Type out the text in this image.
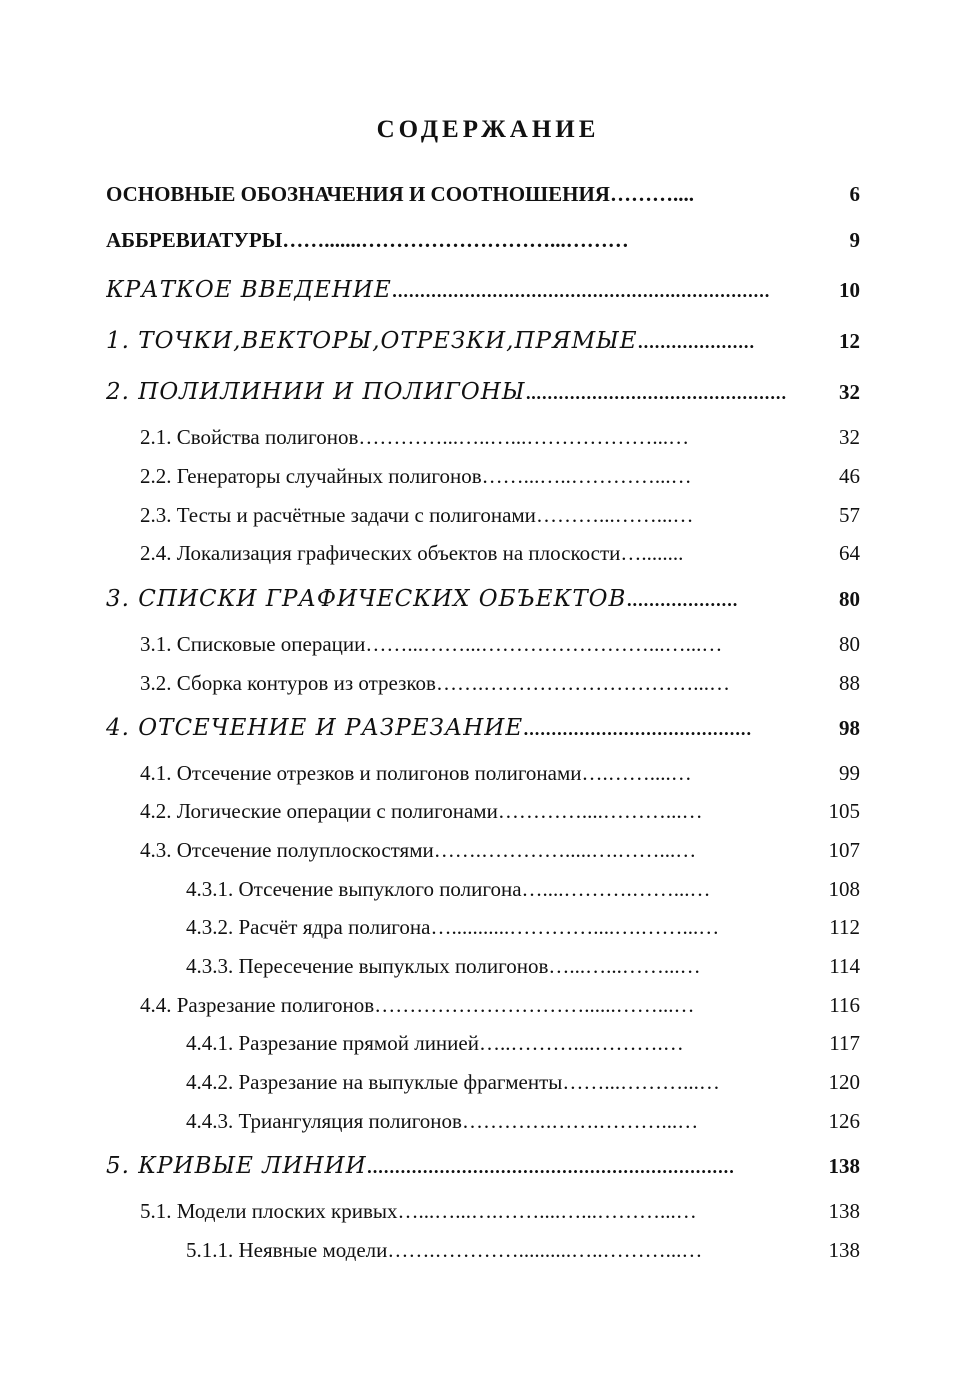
СОДЕРЖАНИЕ
ОСНОВНЫЕ ОБОЗНАЧЕНИЯ И СООТНОШЕНИЯ………....	6
АББРЕВИАТУРЫ…….......………………………...………	9
КРАТКОЕ ВВЕДЕНИЕ.................................................…................	10
1. ТОЧКИ,ВЕКТОРЫ,ОТРЕЗКИ,ПРЯМЫЕ.....................	12
2. ПОЛИЛИНИИ И ПОЛИГОНЫ…............................................	32
2.1. Свойства полигонов…………...…..…...………………...…	32
2.2. Генераторы случайных полигонов……...…..…………...…	46
2.3. Тесты и расчётные задачи с полигонами………...……...…	57
2.4. Локализация графических объектов на плоскости…........	64
3. СПИСКИ ГРАФИЧЕСКИХ ОБЪЕКТОВ....................	80
3.1. Списковые операции……...……...……………………...…...…	80
3.2. Сборка контуров из отрезков…….…………………………...…	88
4. ОТСЕЧЕНИЕ И РАЗРЕЗАНИЕ.........................................	98
4.1. Отсечение отрезков и полигонов полигонами….……....…	99
4.2. Логические операции с полигонами…………....………...…	105
4.3. Отсечение полуплоскостями…….………….....….……...…	107
4.3.1. Отсечение выпуклого полигона…....……….……...…	108
4.3.2. Расчёт ядра полигона…...........…………....….……...…	112
4.3.3. Пересечение выпуклых полигонов…...…...……...…	114
4.4. Разрезание полигонов…………………………......……...…	116
4.4.1. Разрезание прямой линией…..………....……….…	117
4.4.2. Разрезание на выпуклые фрагменты……...………...…	120
4.4.3. Триангуляция полигонов………….…….………...…	126
5. КРИВЫЕ ЛИНИИ..................................................................	138
5.1. Модели плоских кривых…...…...….……....…...………...…	138
5.1.1. Неявные модели…….…………..........…..………...…	138
